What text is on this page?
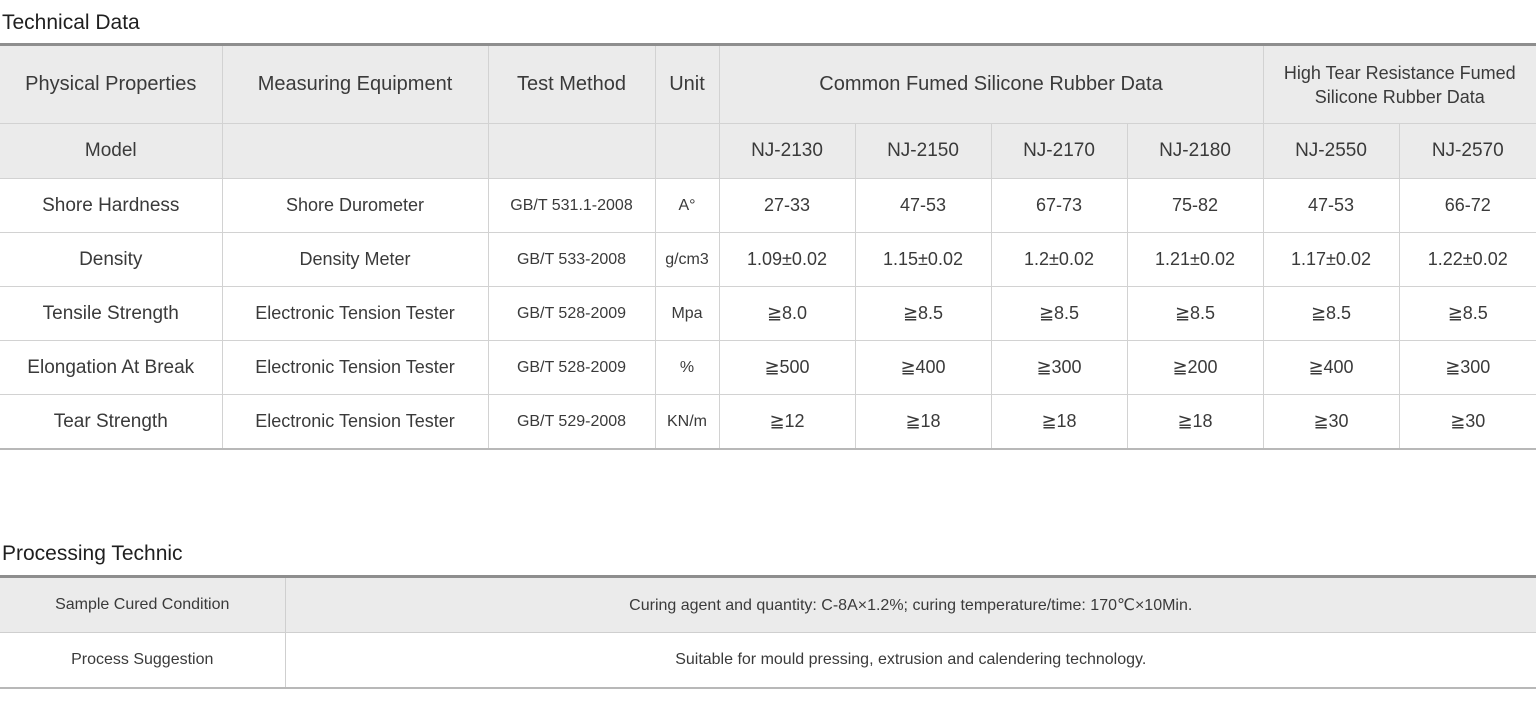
Technical Data
Physical Properties	Measuring Equipment	Test Method	Unit	Common Fumed Silicone Rubber Data				High Tear Resistance Fumed Silicone Rubber Data	
Model				NJ-2130	NJ-2150	NJ-2170	NJ-2180	NJ-2550	NJ-2570
Shore Hardness	Shore Durometer	GB/T 531.1-2008	A°	27-33	47-53	67-73	75-82	47-53	66-72
Density	Density Meter	GB/T 533-2008	g/cm3	1.09±0.02	1.15±0.02	1.2±0.02	1.21±0.02	1.17±0.02	1.22±0.02
Tensile Strength	Electronic Tension Tester	GB/T 528-2009	Mpa	≧8.0	≧8.5	≧8.5	≧8.5	≧8.5	≧8.5
Elongation At Break	Electronic Tension Tester	GB/T 528-2009	%	≧500	≧400	≧300	≧200	≧400	≧300
Tear Strength	Electronic Tension Tester	GB/T 529-2008	KN/m	≧12	≧18	≧18	≧18	≧30	≧30
Processing Technic
Sample Cured Condition	Curing agent and quantity: C-8A×1.2%; curing temperature/time: 170℃×10Min.
Process Suggestion	Suitable for mould pressing, extrusion and calendering technology.
